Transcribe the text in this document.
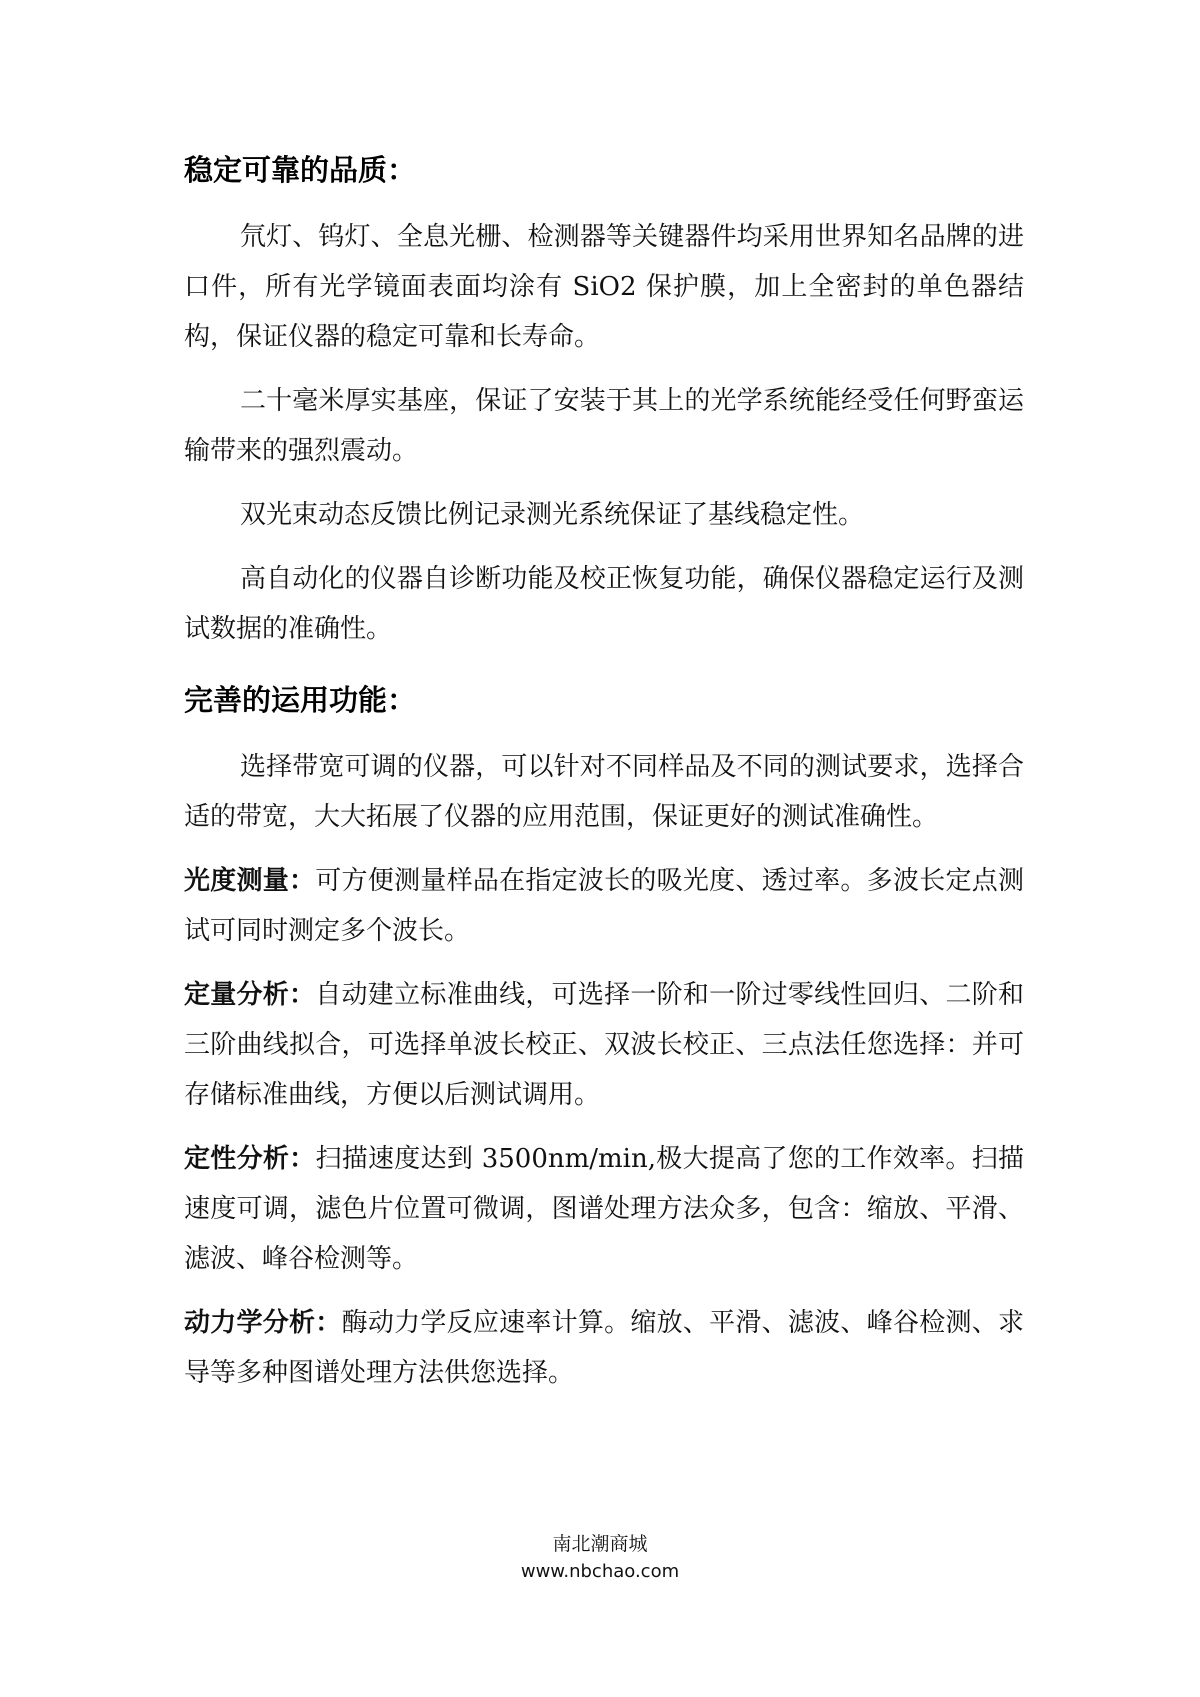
稳定可靠的品质：

氘灯、钨灯、全息光栅、检测器等关键器件均采用世界知名品牌的进口件，所有光学镜面表面均涂有 SiO2 保护膜，加上全密封的单色器结构，保证仪器的稳定可靠和长寿命。

二十毫米厚实基座，保证了安装于其上的光学系统能经受任何野蛮运输带来的强烈震动。

双光束动态反馈比例记录测光系统保证了基线稳定性。

高自动化的仪器自诊断功能及校正恢复功能，确保仪器稳定运行及测试数据的准确性。

完善的运用功能：

选择带宽可调的仪器，可以针对不同样品及不同的测试要求，选择合适的带宽，大大拓展了仪器的应用范围，保证更好的测试准确性。

光度测量：可方便测量样品在指定波长的吸光度、透过率。多波长定点测试可同时测定多个波长。

定量分析：自动建立标准曲线，可选择一阶和一阶过零线性回归、二阶和三阶曲线拟合，可选择单波长校正、双波长校正、三点法任您选择：并可存储标准曲线，方便以后测试调用。

定性分析：扫描速度达到 3500nm/min,极大提高了您的工作效率。扫描速度可调，滤色片位置可微调，图谱处理方法众多，包含：缩放、平滑、滤波、峰谷检测等。

动力学分析：酶动力学反应速率计算。缩放、平滑、滤波、峰谷检测、求导等多种图谱处理方法供您选择。

南北潮商城
www.nbchao.com
